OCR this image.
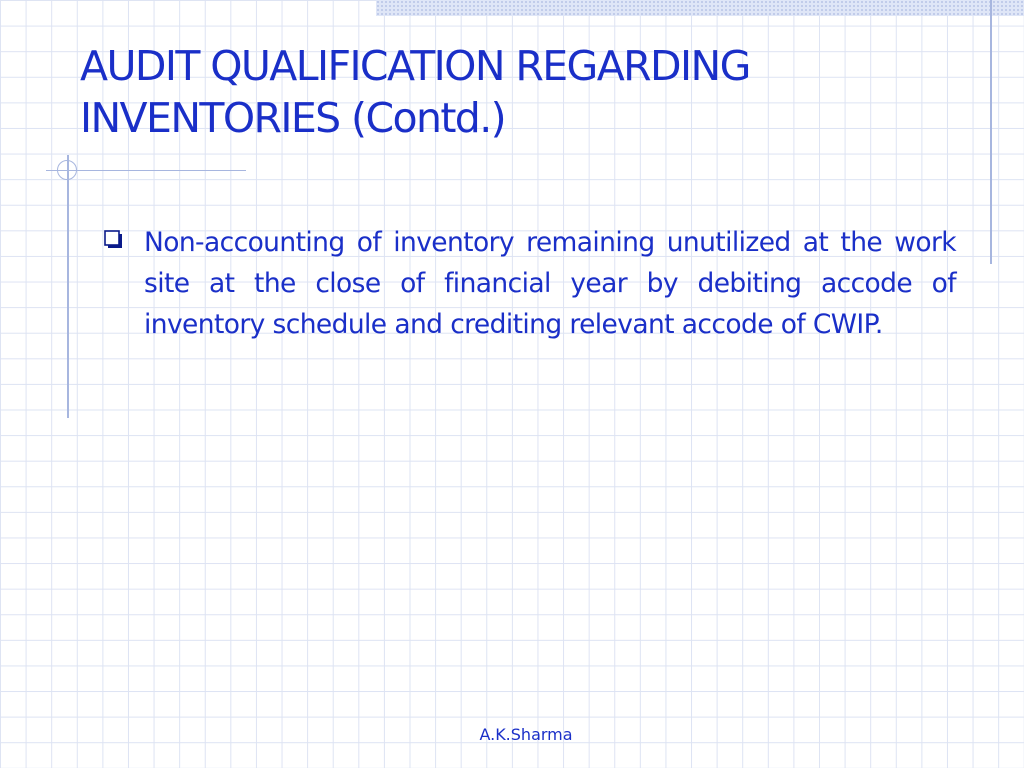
AUDIT QUALIFICATION REGARDING
INVENTORIES (Contd.)
Non-accounting of inventory remaining unutilized at the work site at the close of financial year by debiting accode of inventory schedule and crediting relevant accode of CWIP.
A.K.Sharma
